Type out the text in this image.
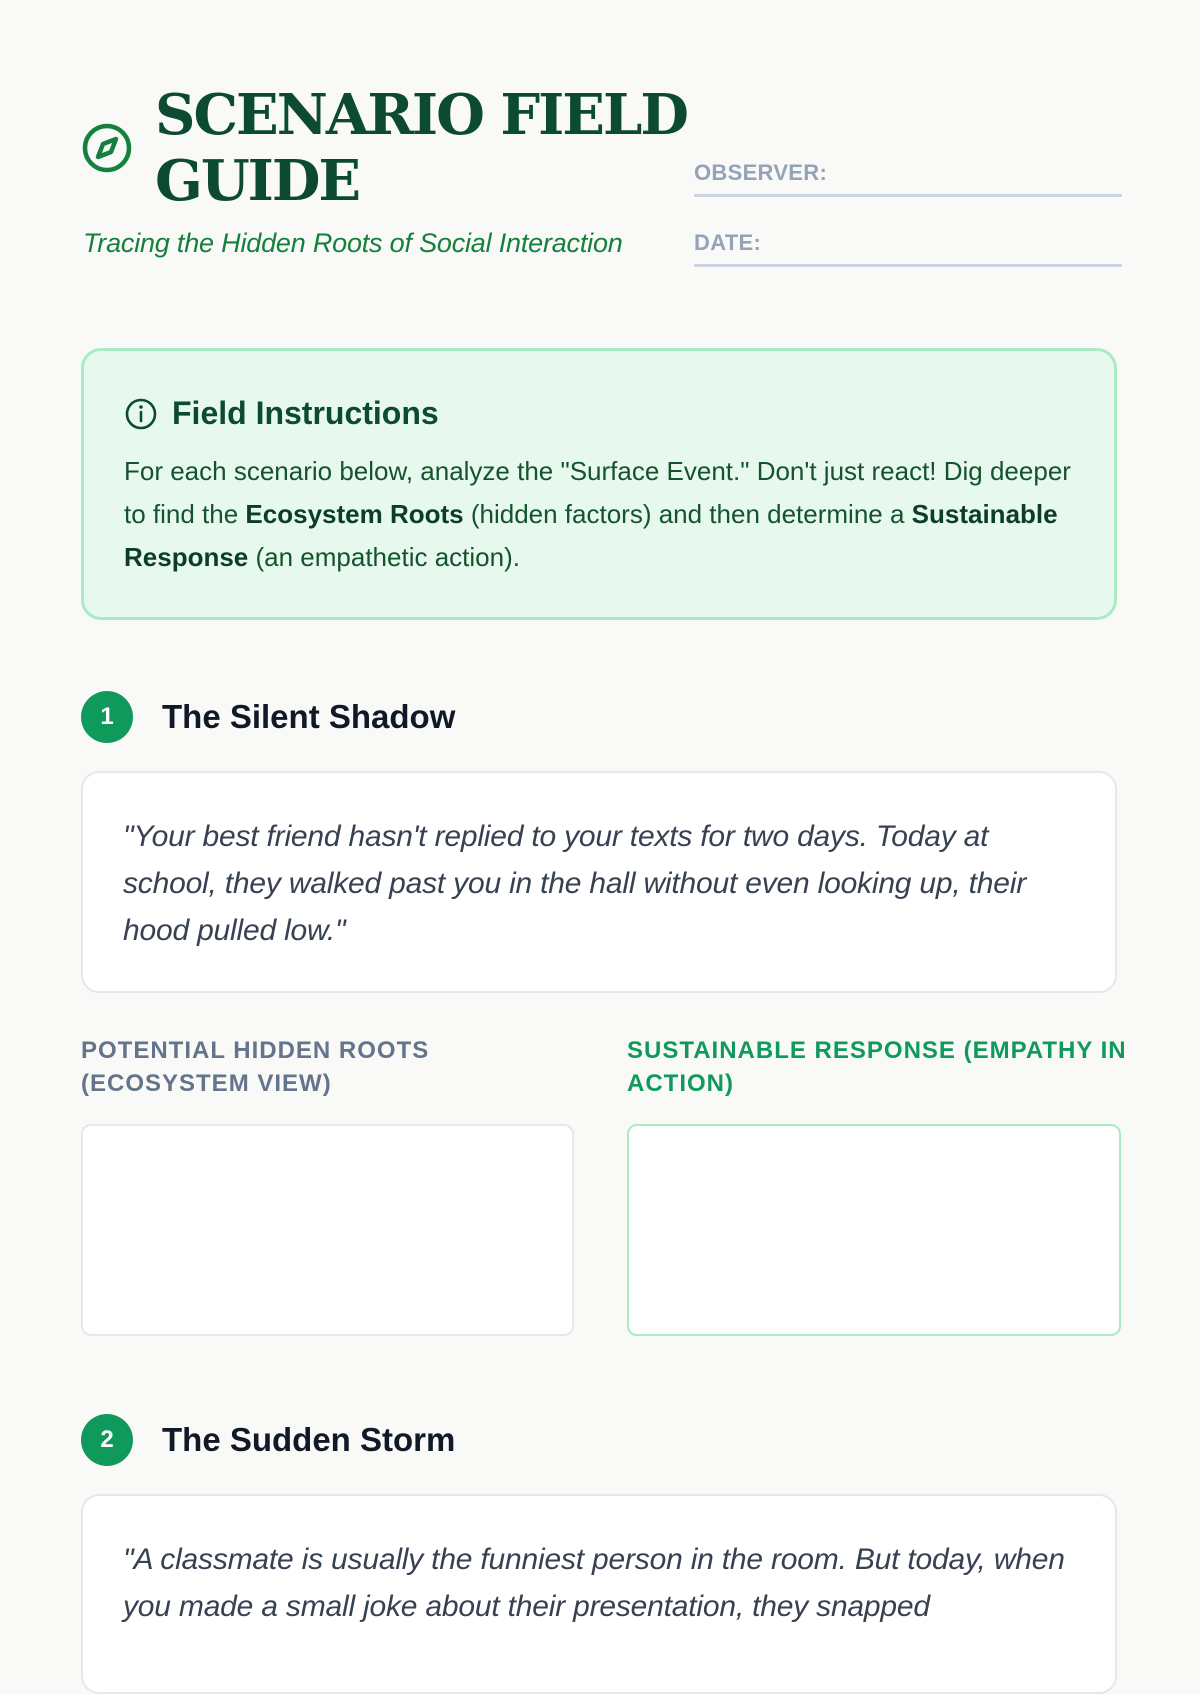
SCENARIO FIELD GUIDE
Tracing the Hidden Roots of Social Interaction
OBSERVER:
DATE:
Field Instructions
For each scenario below, analyze the "Surface Event." Don't just react! Dig deeper to find the Ecosystem Roots (hidden factors) and then determine a Sustainable Response (an empathetic action).
1	The Silent Shadow
"Your best friend hasn't replied to your texts for two days. Today at school, they walked past you in the hall without even looking up, their hood pulled low."
POTENTIAL HIDDEN ROOTS (ECOSYSTEM VIEW)
SUSTAINABLE RESPONSE (EMPATHY IN ACTION)
2	The Sudden Storm
"A classmate is usually the funniest person in the room. But today, when you made a small joke about their presentation, they snapped
